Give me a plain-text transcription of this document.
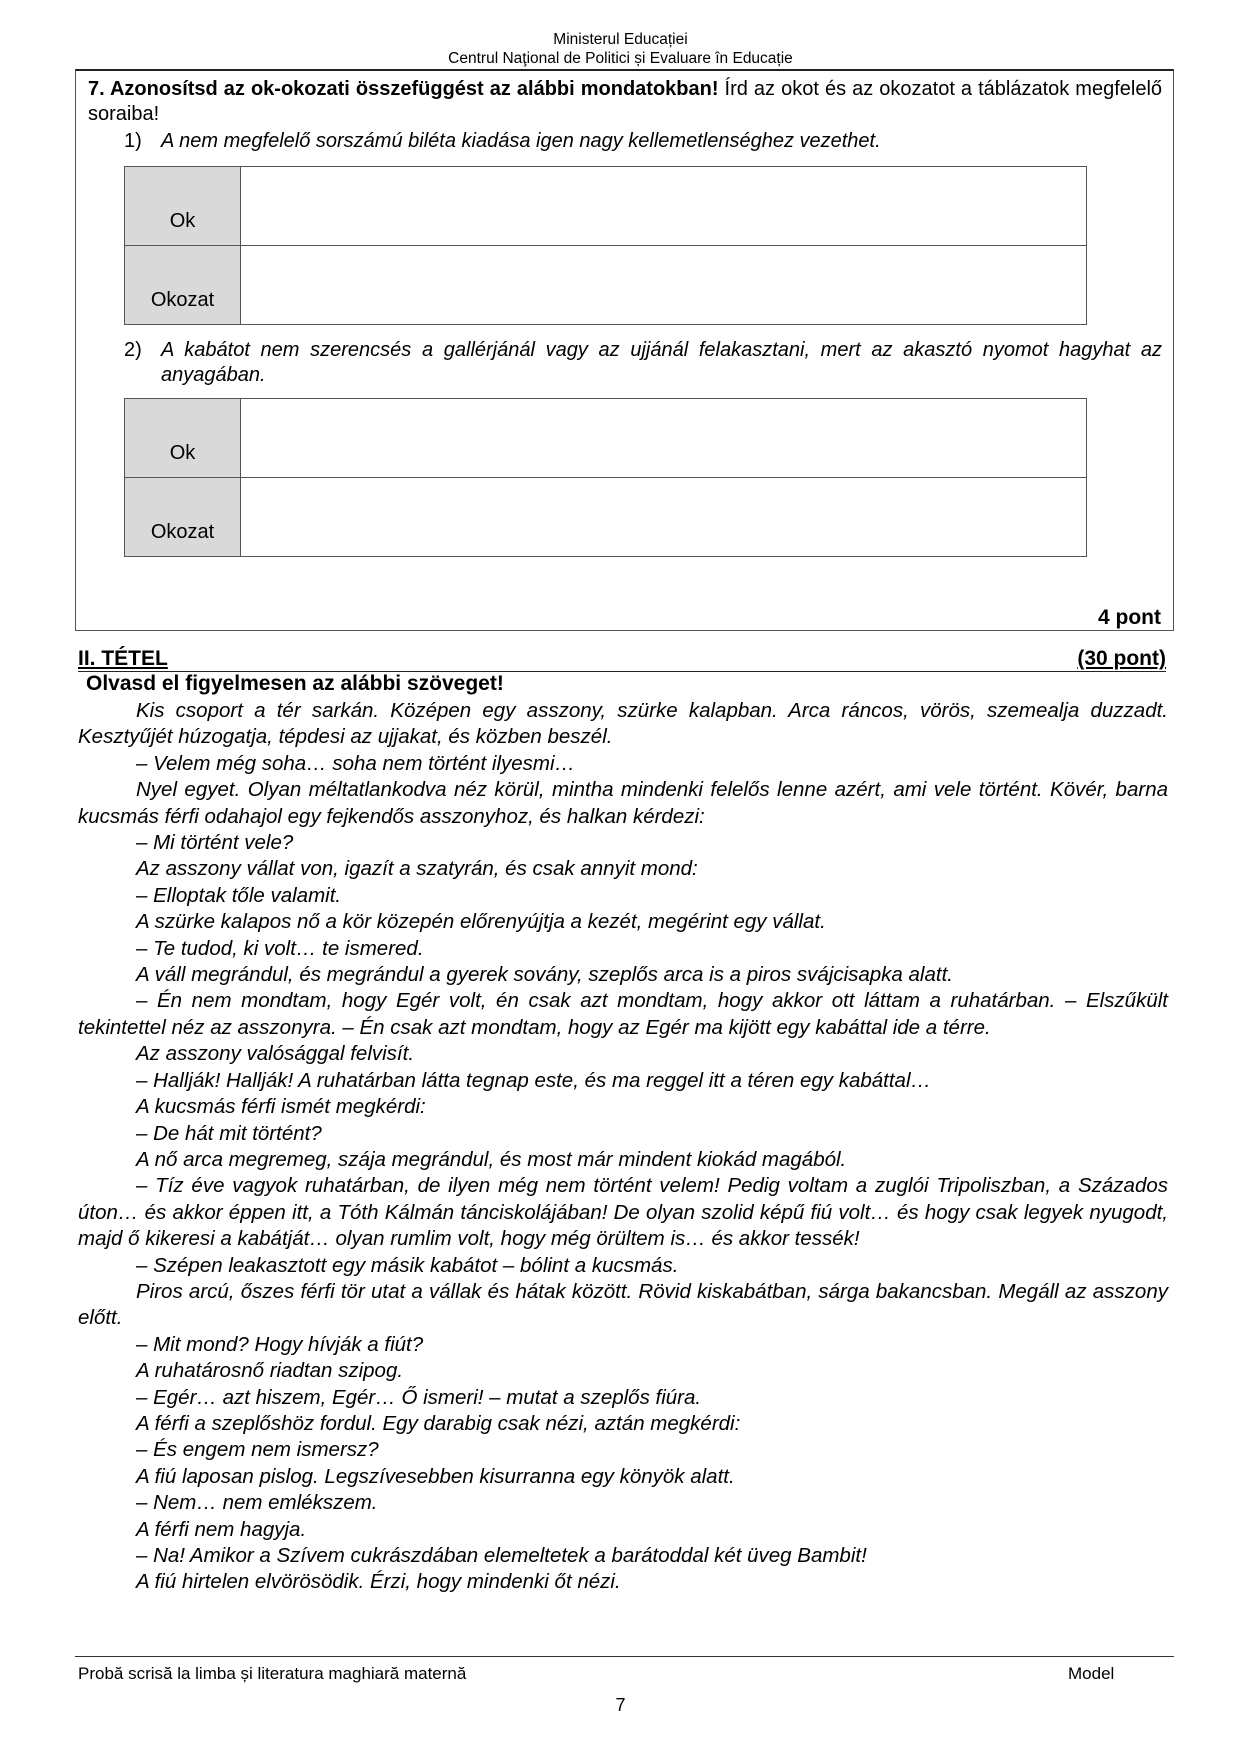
Ministerul Educației
Centrul Naţional de Politici și Evaluare în Educație
7. Azonosítsd az ok-okozati összefüggést az alábbi mondatokban! Írd az okot és az okozatot a táblázatok megfelelő soraiba!
1) A nem megfelelő sorszámú biléta kiadása igen nagy kellemetlenséghez vezethet.
Ok	
Okozat	
2) A kabátot nem szerencsés a gallérjánál vagy az ujjánál felakasztani, mert az akasztó nyomot hagyhat az anyagában.
Ok	
Okozat	
4 pont
II. TÉTEL	(30 pont)
Olvasd el figyelmesen az alábbi szöveget!

Kis csoport a tér sarkán. Középen egy asszony, szürke kalapban. Arca ráncos, vörös, szemealja duzzadt. Kesztyűjét húzogatja, tépdesi az ujjakat, és közben beszél.

– Velem még soha… soha nem történt ilyesmi…

Nyel egyet. Olyan méltatlankodva néz körül, mintha mindenki felelős lenne azért, ami vele történt. Kövér, barna kucsmás férfi odahajol egy fejkendős asszonyhoz, és halkan kérdezi:

– Mi történt vele?

Az asszony vállat von, igazít a szatyrán, és csak annyit mond:

– Elloptak tőle valamit.

A szürke kalapos nő a kör közepén előrenyújtja a kezét, megérint egy vállat.

– Te tudod, ki volt… te ismered.

A váll megrándul, és megrándul a gyerek sovány, szeplős arca is a piros svájcisapka alatt.

– Én nem mondtam, hogy Egér volt, én csak azt mondtam, hogy akkor ott láttam a ruhatárban. – Elszűkült tekintettel néz az asszonyra. – Én csak azt mondtam, hogy az Egér ma kijött egy kabáttal ide a térre.

Az asszony valósággal felvisít.

– Hallják! Hallják! A ruhatárban látta tegnap este, és ma reggel itt a téren egy kabáttal…

A kucsmás férfi ismét megkérdi:

– De hát mit történt?

A nő arca megremeg, szája megrándul, és most már mindent kiokád magából.

– Tíz éve vagyok ruhatárban, de ilyen még nem történt velem! Pedig voltam a zuglói Tripoliszban, a Százados úton… és akkor éppen itt, a Tóth Kálmán tánciskolájában! De olyan szolid képű fiú volt… és hogy csak legyek nyugodt, majd ő kikeresi a kabátját… olyan rumlim volt, hogy még örültem is… és akkor tessék!

– Szépen leakasztott egy másik kabátot – bólint a kucsmás.

Piros arcú, őszes férfi tör utat a vállak és hátak között. Rövid kiskabátban, sárga bakancsban. Megáll az asszony előtt.

– Mit mond? Hogy hívják a fiút?

A ruhatárosnő riadtan szipog.

– Egér… azt hiszem, Egér… Ő ismeri! – mutat a szeplős fiúra.

A férfi a szeplőshöz fordul. Egy darabig csak nézi, aztán megkérdi:

– És engem nem ismersz?

A fiú laposan pislog. Legszívesebben kisurranna egy könyök alatt.

– Nem… nem emlékszem.

A férfi nem hagyja.

– Na! Amikor a Szívem cukrászdában elemeltetek a barátoddal két üveg Bambit!

A fiú hirtelen elvörösödik. Érzi, hogy mindenki őt nézi.

Probă scrisă la limba și literatura maghiară maternă	Model
7
